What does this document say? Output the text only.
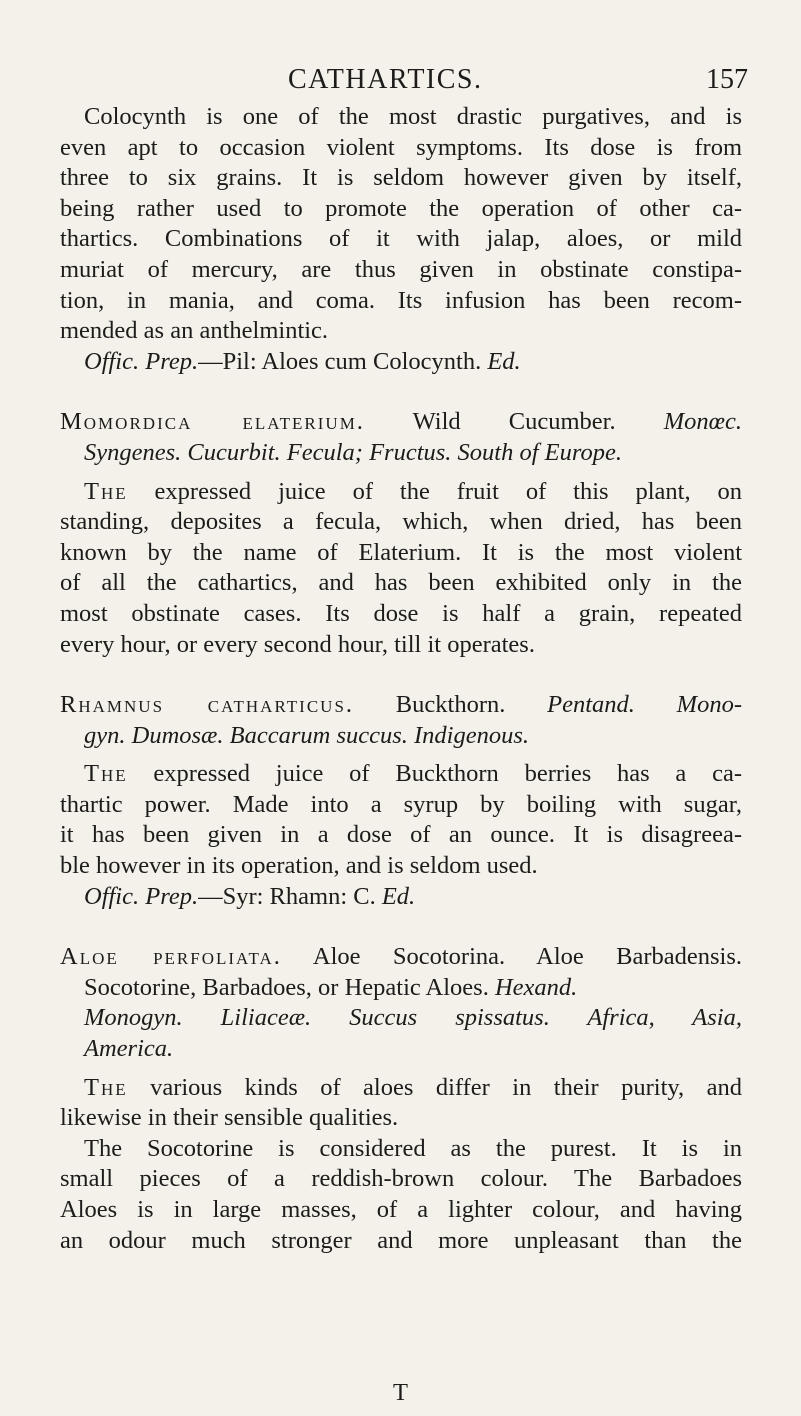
CATHARTICS.	157
Colocynth is one of the most drastic purgatives, and is
even apt to occasion violent symptoms. Its dose is from
three to six grains. It is seldom however given by itself,
being rather used to promote the operation of other ca-
thartics. Combinations of it with jalap, aloes, or mild
muriat of mercury, are thus given in obstinate constipa-
tion, in mania, and coma. Its infusion has been recom-
mended as an anthelmintic.
Offic. Prep.—Pil: Aloes cum Colocynth. Ed.
Momordica elaterium. Wild Cucumber. Monœc.
Syngenes. Cucurbit. Fecula; Fructus. South of Europe.
The expressed juice of the fruit of this plant, on
standing, deposites a fecula, which, when dried, has been
known by the name of Elaterium. It is the most violent
of all the cathartics, and has been exhibited only in the
most obstinate cases. Its dose is half a grain, repeated
every hour, or every second hour, till it operates.
Rhamnus catharticus. Buckthorn. Pentand. Mono-
gyn. Dumosæ. Baccarum succus. Indigenous.
The expressed juice of Buckthorn berries has a ca-
thartic power. Made into a syrup by boiling with sugar,
it has been given in a dose of an ounce. It is disagreea-
ble however in its operation, and is seldom used.
Offic. Prep.—Syr: Rhamn: C. Ed.
Aloe perfoliata. Aloe Socotorina. Aloe Barbadensis.
Socotorine, Barbadoes, or Hepatic Aloes. Hexand.
Monogyn. Liliaceæ. Succus spissatus. Africa, Asia,
America.
The various kinds of aloes differ in their purity, and
likewise in their sensible qualities.
The Socotorine is considered as the purest. It is in
small pieces of a reddish-brown colour. The Barbadoes
Aloes is in large masses, of a lighter colour, and having
an odour much stronger and more unpleasant than the
T
